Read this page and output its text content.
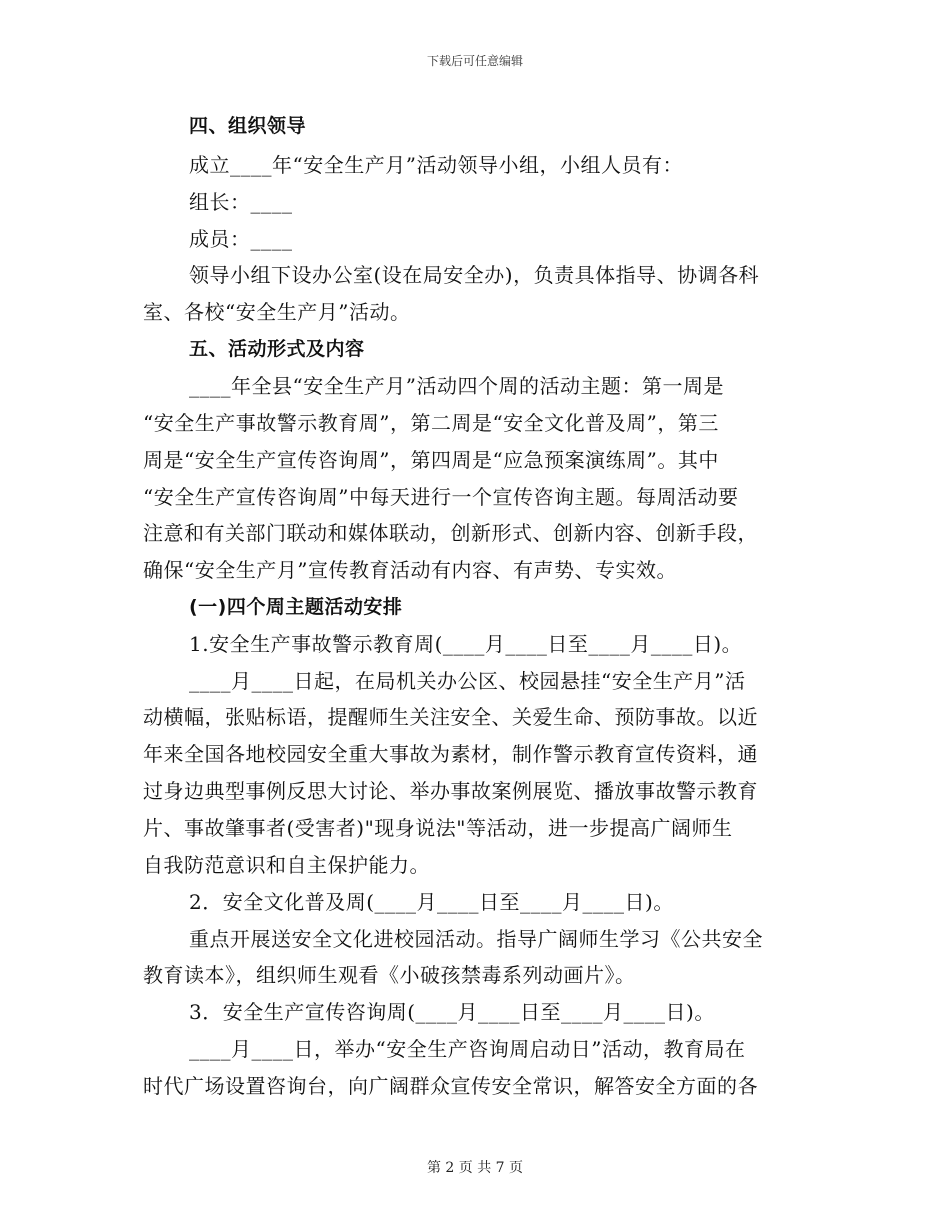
下载后可任意编辑
四、组织领导
成立____年“安全生产月”活动领导小组，小组人员有：
组长：____
成员：____
领导小组下设办公室(设在局安全办)，负责具体指导、协调各科
室、各校“安全生产月”活动。
五、活动形式及内容
____年全县“安全生产月”活动四个周的活动主题：第一周是
“安全生产事故警示教育周”，第二周是“安全文化普及周”，第三
周是“安全生产宣传咨询周”，第四周是“应急预案演练周”。其中
“安全生产宣传咨询周”中每天进行一个宣传咨询主题。每周活动要
注意和有关部门联动和媒体联动，创新形式、创新内容、创新手段，
确保“安全生产月”宣传教育活动有内容、有声势、专实效。
(一)四个周主题活动安排
1.安全生产事故警示教育周(____月____日至____月____日)。
____月____日起，在局机关办公区、校园悬挂“安全生产月”活
动横幅，张贴标语，提醒师生关注安全、关爱生命、预防事故。以近
年来全国各地校园安全重大事故为素材，制作警示教育宣传资料，通
过身边典型事例反思大讨论、举办事故案例展览、播放事故警示教育
片、事故肇事者(受害者)"现身说法"等活动，进一步提高广阔师生
自我防范意识和自主保护能力。
2．安全文化普及周(____月____日至____月____日)。
重点开展送安全文化进校园活动。指导广阔师生学习《公共安全
教育读本》，组织师生观看《小破孩禁毒系列动画片》。
3．安全生产宣传咨询周(____月____日至____月____日)。
____月____日，举办“安全生产咨询周启动日”活动，教育局在
时代广场设置咨询台，向广阔群众宣传安全常识，解答安全方面的各
第 2 页 共 7 页
